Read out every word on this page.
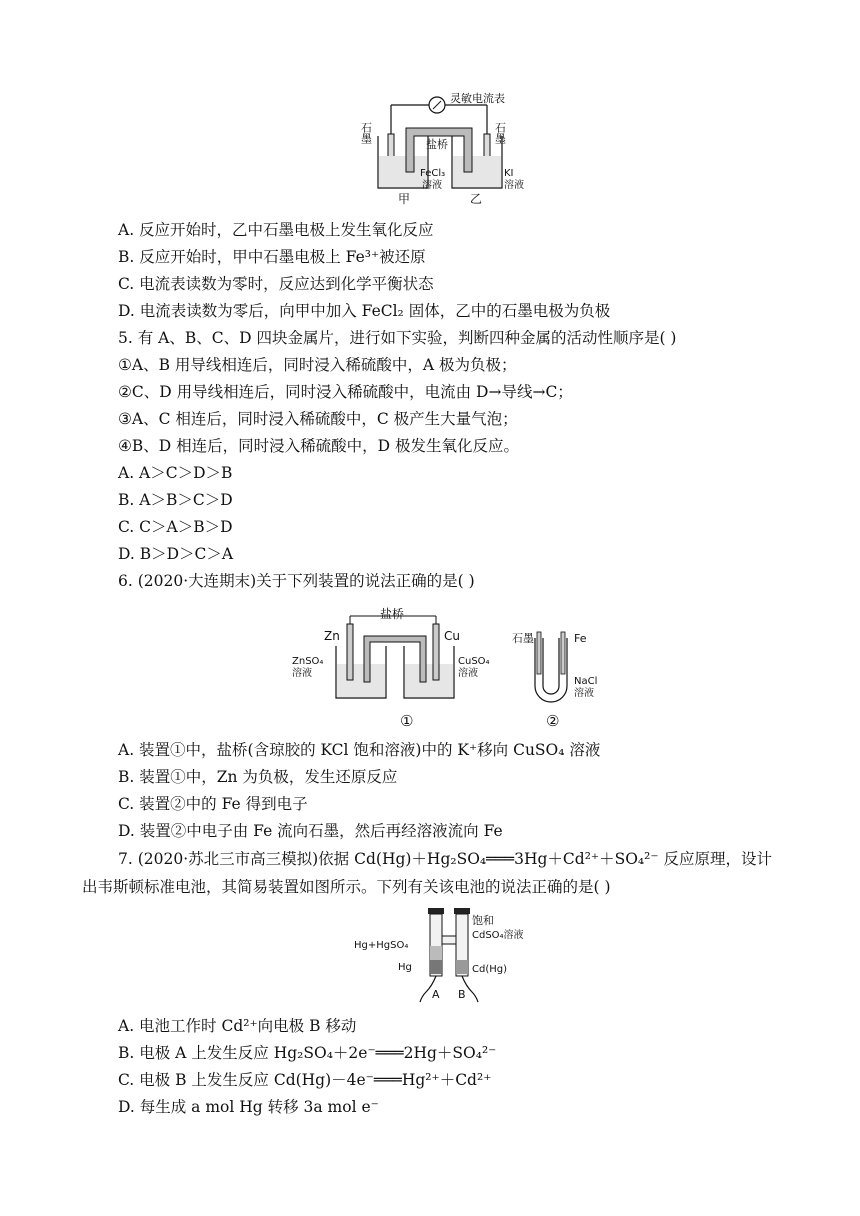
灵敏电流表
石墨	石墨
盐桥
FeCl₃
溶液
KI
溶液
甲	乙
A. 反应开始时，乙中石墨电极上发生氧化反应
B. 反应开始时，甲中石墨电极上 Fe³⁺被还原
C. 电流表读数为零时，反应达到化学平衡状态
D. 电流表读数为零后，向甲中加入 FeCl₂ 固体，乙中的石墨电极为负极
5. 有 A、B、C、D 四块金属片，进行如下实验，判断四种金属的活动性顺序是( )
①A、B 用导线相连后，同时浸入稀硫酸中，A 极为负极；
②C、D 用导线相连后，同时浸入稀硫酸中，电流由 D→导线→C；
③A、C 相连后，同时浸入稀硫酸中，C 极产生大量气泡；
④B、D 相连后，同时浸入稀硫酸中，D 极发生氧化反应。
A. A＞C＞D＞B
B. A＞B＞C＞D
C. C＞A＞B＞D
D. B＞D＞C＞A
6. (2020·大连期末)关于下列装置的说法正确的是( )
盐桥
Zn	Cu
ZnSO₄
溶液
CuSO₄
溶液
①
石墨	Fe
NaCl
溶液
②
A. 装置①中，盐桥(含琼胶的 KCl 饱和溶液)中的 K⁺移向 CuSO₄ 溶液
B. 装置①中，Zn 为负极，发生还原反应
C. 装置②中的 Fe 得到电子
D. 装置②中电子由 Fe 流向石墨，然后再经溶液流向 Fe
7. (2020·苏北三市高三模拟)依据 Cd(Hg)＋Hg₂SO₄═══3Hg＋Cd²⁺＋SO₄²⁻ 反应原理，设计出韦斯顿标准电池，其简易装置如图所示。下列有关该电池的说法正确的是( )
饱和
CdSO₄溶液
Hg+HgSO₄
Hg	Cd(Hg)
A B
A. 电池工作时 Cd²⁺向电极 B 移动
B. 电极 A 上发生反应 Hg₂SO₄＋2e⁻═══2Hg＋SO₄²⁻
C. 电极 B 上发生反应 Cd(Hg)－4e⁻═══Hg²⁺＋Cd²⁺
D. 每生成 a mol Hg 转移 3a mol e⁻
